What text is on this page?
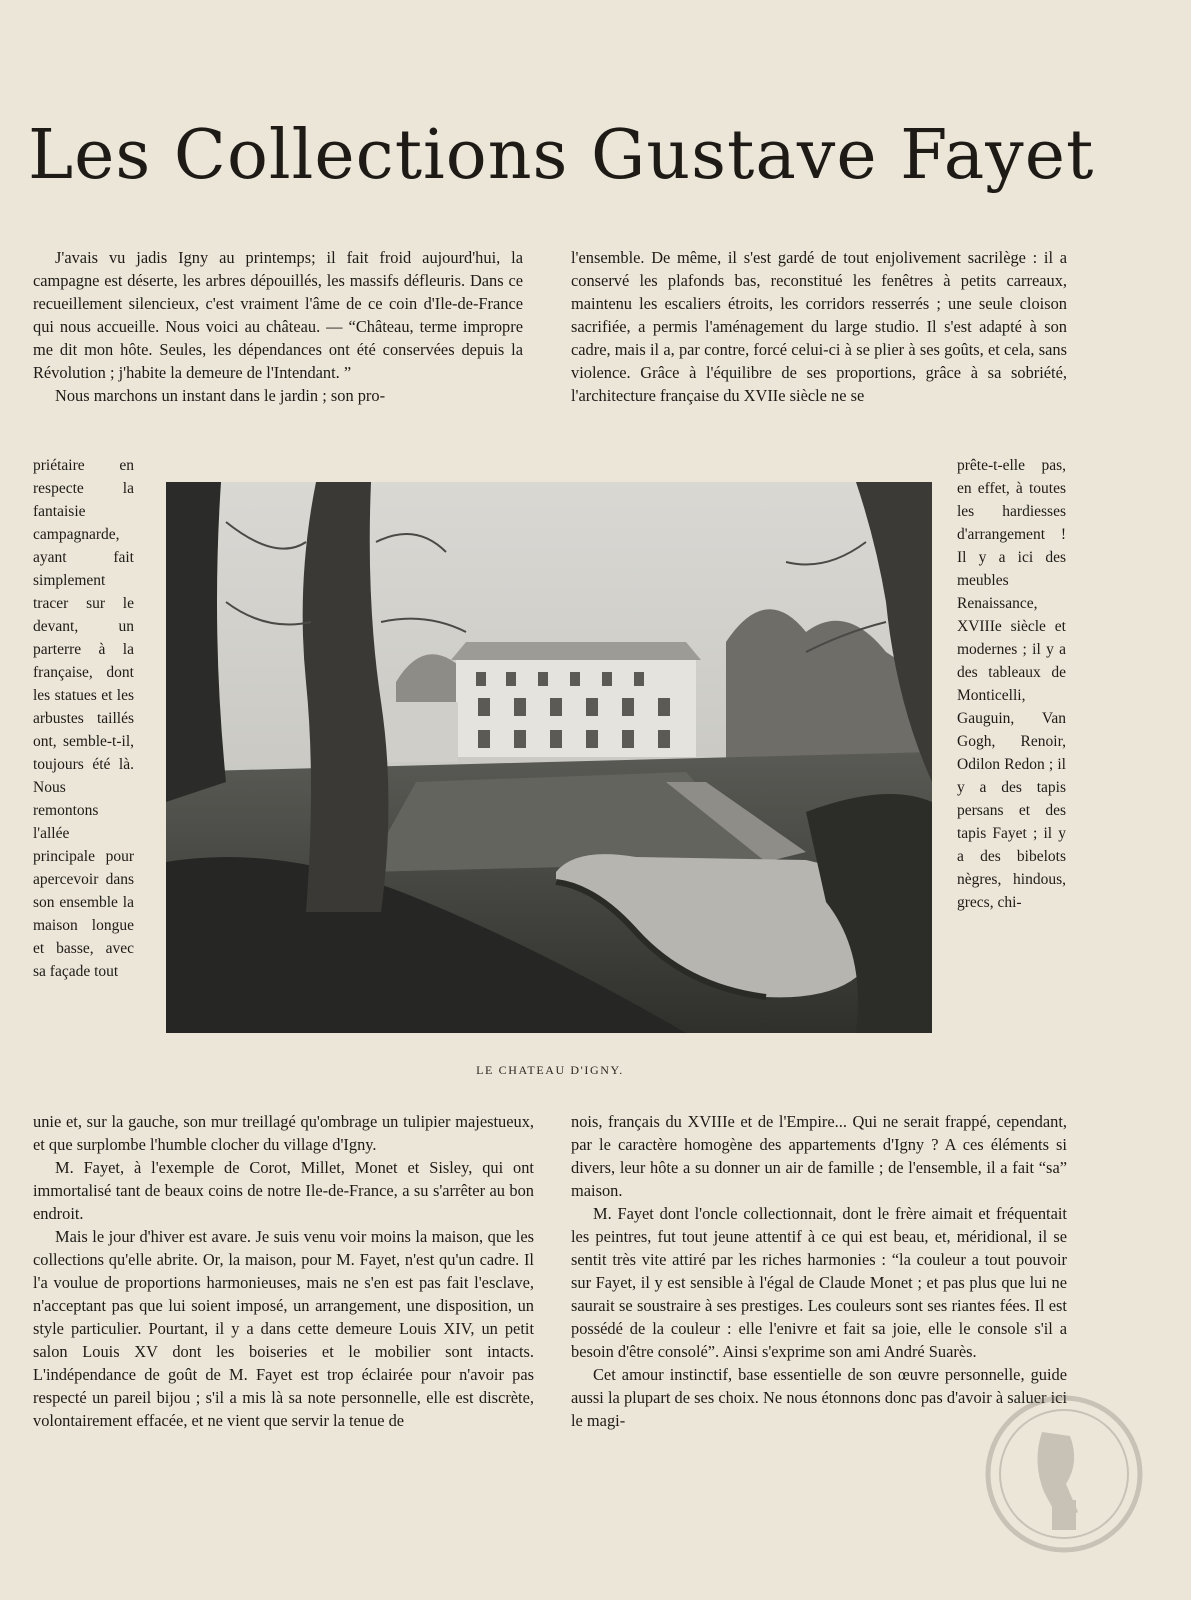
Les Collections Gustave Fayet

J'avais vu jadis Igny au printemps; il fait froid aujourd'hui, la campagne est déserte, les arbres dépouillés, les massifs défleuris. Dans ce recueillement silencieux, c'est vraiment l'âme de ce coin d'Ile-de-France qui nous accueille. Nous voici au château. — “Château, terme impropre me dit mon hôte. Seules, les dépendances ont été conservées depuis la Révolution ; j'habite la demeure de l'Intendant. ”

Nous marchons un instant dans le jardin ; son pro-

priétaire en respecte la fantaisie campagnarde, ayant fait simplement tracer sur le devant, un parterre à la française, dont les statues et les arbustes taillés ont, semble-t-il, toujours été là. Nous remontons l'allée principale pour apercevoir dans son ensemble la maison longue et basse, avec sa façade tout

unie et, sur la gauche, son mur treillagé qu'ombrage un tulipier majestueux, et que surplombe l'humble clocher du village d'Igny.

M. Fayet, à l'exemple de Corot, Millet, Monet et Sisley, qui ont immortalisé tant de beaux coins de notre Ile-de-France, a su s'arrêter au bon endroit.

Mais le jour d'hiver est avare. Je suis venu voir moins la maison, que les collections qu'elle abrite. Or, la maison, pour M. Fayet, n'est qu'un cadre. Il l'a voulue de proportions harmonieuses, mais ne s'en est pas fait l'esclave, n'acceptant pas que lui soient imposé, un arrangement, une disposition, un style particulier. Pourtant, il y a dans cette demeure Louis XIV, un petit salon Louis XV dont les boiseries et le mobilier sont intacts. L'indépendance de goût de M. Fayet est trop éclairée pour n'avoir pas respecté un pareil bijou ; s'il a mis là sa note personnelle, elle est discrète, volontairement effacée, et ne vient que servir la tenue de

l'ensemble. De même, il s'est gardé de tout enjolivement sacrilège : il a conservé les plafonds bas, reconstitué les fenêtres à petits carreaux, maintenu les escaliers étroits, les corridors resserrés ; une seule cloison sacrifiée, a permis l'aménagement du large studio. Il s'est adapté à son cadre, mais il a, par contre, forcé celui-ci à se plier à ses goûts, et cela, sans violence. Grâce à l'équilibre de ses proportions, grâce à sa sobriété, l'architecture française du XVIIe siècle ne se

prête-t-elle pas, en effet, à toutes les hardiesses d'arrangement ! Il y a ici des meubles Renaissance, XVIIIe siècle et modernes ; il y a des tableaux de Monticelli, Gauguin, Van Gogh, Renoir, Odilon Redon ; il y a des tapis persans et des tapis Fayet ; il y a des bibelots nègres, hindous, grecs, chi-

nois, français du XVIIIe et de l'Empire... Qui ne serait frappé, cependant, par le caractère homogène des appartements d'Igny ? A ces éléments si divers, leur hôte a su donner un air de famille ; de l'ensemble, il a fait “sa” maison.

M. Fayet dont l'oncle collectionnait, dont le frère aimait et fréquentait les peintres, fut tout jeune attentif à ce qui est beau, et, méridional, il se sentit très vite attiré par les riches harmonies : “la couleur a tout pouvoir sur Fayet, il y est sensible à l'égal de Claude Monet ; et pas plus que lui ne saurait se soustraire à ses prestiges. Les couleurs sont ses riantes fées. Il est possédé de la couleur : elle l'enivre et fait sa joie, elle le console s'il a besoin d'être consolé”. Ainsi s'exprime son ami André Suarès.

Cet amour instinctif, base essentielle de son œuvre personnelle, guide aussi la plupart de ses choix. Ne nous étonnons donc pas d'avoir à saluer ici le magi-

LE CHATEAU D'IGNY.
